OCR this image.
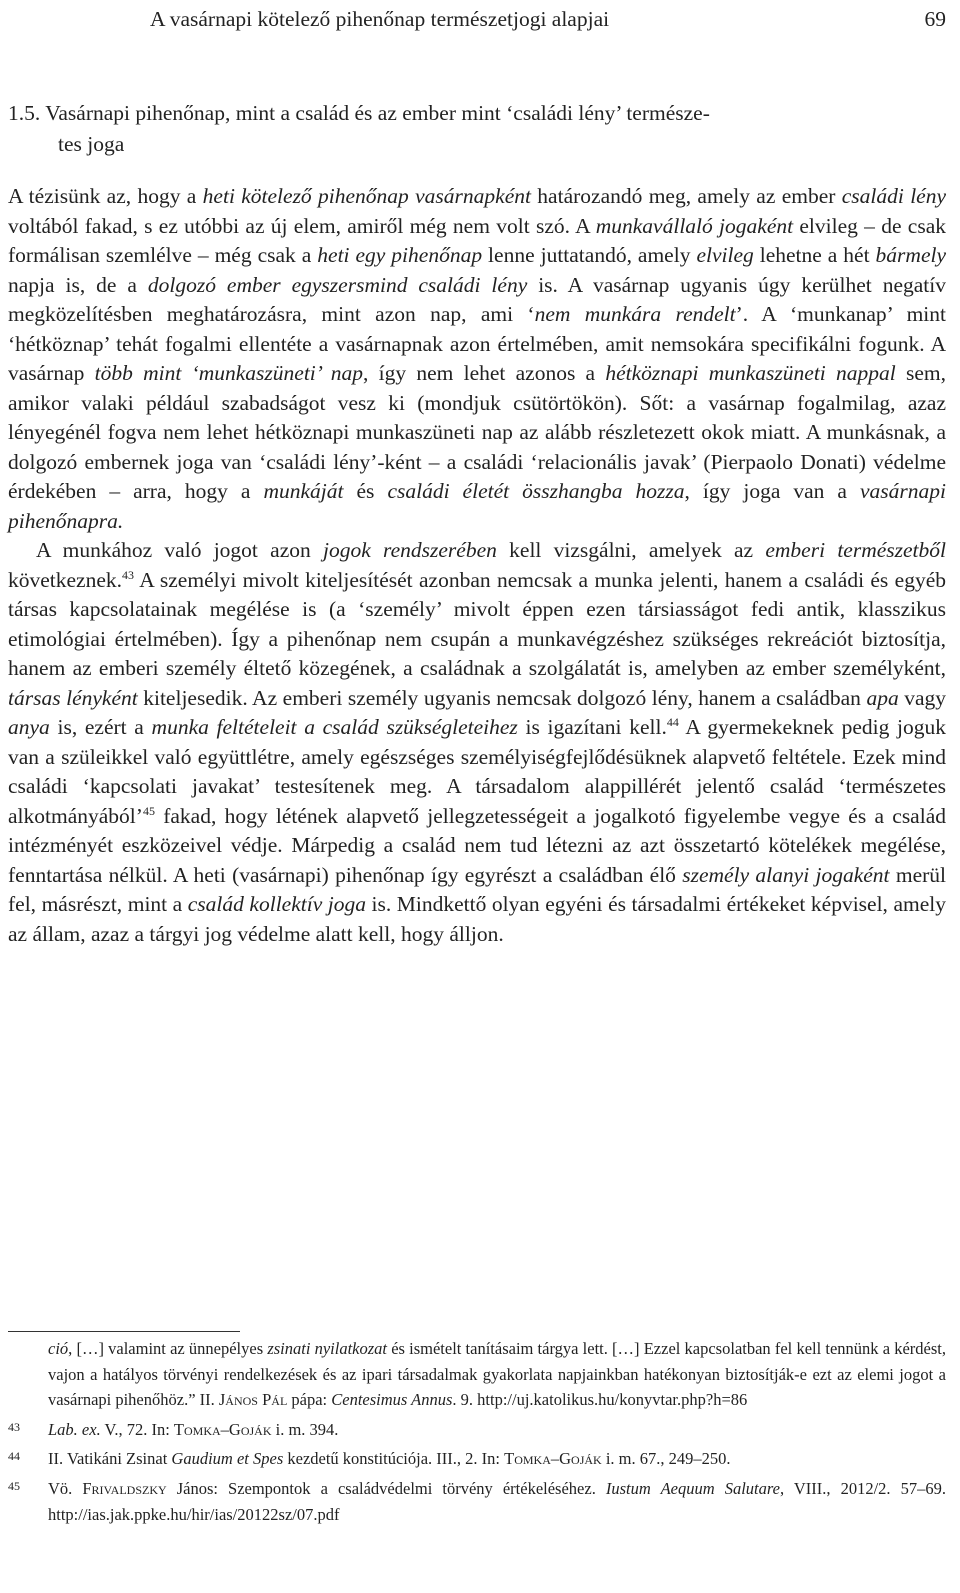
A vasárnapi kötelező pihenőnap természetjogi alapjai	69
1.5. Vasárnapi pihenőnap, mint a család és az ember mint ‘családi lény’ természe-
tes joga

A tézisünk az, hogy a heti kötelező pihenőnap vasárnapként határozandó meg, amely az ember családi lény voltából fakad, s ez utóbbi az új elem, amiről még nem volt szó. A munkavállaló jogaként elvileg – de csak formálisan szemlélve – még csak a heti egy pihenőnap lenne juttatandó, amely elvileg lehetne a hét bármely napja is, de a dolgozó ember egyszersmind családi lény is. A vasárnap ugyanis úgy kerülhet negatív megközelítésben meghatározásra, mint azon nap, ami ‘nem munkára rendelt’. A ‘munkanap’ mint ‘hétköznap’ tehát fogalmi ellentéte a vasárnapnak azon értelmében, amit nemsokára specifikálni fogunk. A vasárnap több mint ‘munkaszüneti’ nap, így nem lehet azonos a hétköznapi munkaszüneti nappal sem, amikor valaki például szabadságot vesz ki (mondjuk csütörtökön). Sőt: a vasárnap fogalmilag, azaz lényegénél fogva nem lehet hétköznapi munkaszüneti nap az alább részletezett okok miatt. A munkásnak, a dolgozó embernek joga van ‘családi lény’-ként – a családi ‘relacionális javak’ (Pierpaolo Donati) védelme érdekében – arra, hogy a munkáját és családi életét összhangba hozza, így joga van a vasárnapi pihenőnapra.

A munkához való jogot azon jogok rendszerében kell vizsgálni, amelyek az emberi természetből következnek.$^{43}$ A személyi mivolt kiteljesítését azonban nemcsak a munka jelenti, hanem a családi és egyéb társas kapcsolatainak megélése is (a ‘személy’ mivolt éppen ezen társiasságot fedi antik, klasszikus etimológiai értelmében). Így a pihenőnap nem csupán a munkavégzéshez szükséges rekreációt biztosítja, hanem az emberi személy éltető közegének, a családnak a szolgálatát is, amelyben az ember személyként, társas lényként kiteljesedik. Az emberi személy ugyanis nemcsak dolgozó lény, hanem a családban apa vagy anya is, ezért a munka feltételeit a család szükségleteihez is igazítani kell.$^{44}$ A gyermekeknek pedig joguk van a szüleikkel való együttlétre, amely egészséges személyiségfejlődésüknek alapvető feltétele. Ezek mind családi ‘kapcsolati javakat’ testesítenek meg. A társadalom alappillérét jelentő család ‘természetes alkotmányából’$^{45}$ fakad, hogy létének alapvető jellegzetességeit a jogalkotó figyelembe vegye és a család intézményét eszközeivel védje. Márpedig a család nem tud létezni az azt összetartó kötelékek megélése, fenntartása nélkül. A heti (vasárnapi) pihenőnap így egyrészt a családban élő személy alanyi jogaként merül fel, másrészt, mint a család kollektív joga is. Mindkettő olyan egyéni és társadalmi értékeket képvisel, amely az állam, azaz a tárgyi jog védelme alatt kell, hogy álljon.

ció, […] valamint az ünnepélyes zsinati nyilatkozat és ismételt tanításaim tárgya lett. […] Ezzel kapcsolatban fel kell tennünk a kérdést, vajon a hatályos törvényi rendelkezések és az ipari társadalmak gyakorlata napjainkban hatékonyan biztosítják-e ezt az elemi jogot a vasárnapi pihenőhöz.” II. János Pál pápa: Centesimus Annus. 9. http://uj.katolikus.hu/konyvtar.php?h=86
43	Lab. ex. V., 72. In: Tomka–Goják i. m. 394.
44	II. Vatikáni Zsinat Gaudium et Spes kezdetű konstitúciója. III., 2. In: Tomka–Goják i. m. 67., 249–250.
45	Vö. Frivaldszky János: Szempontok a családvédelmi törvény értékeléséhez. Iustum Aequum Salutare, VIII., 2012/2. 57–69. http://ias.jak.ppke.hu/hir/ias/20122sz/07.pdf
